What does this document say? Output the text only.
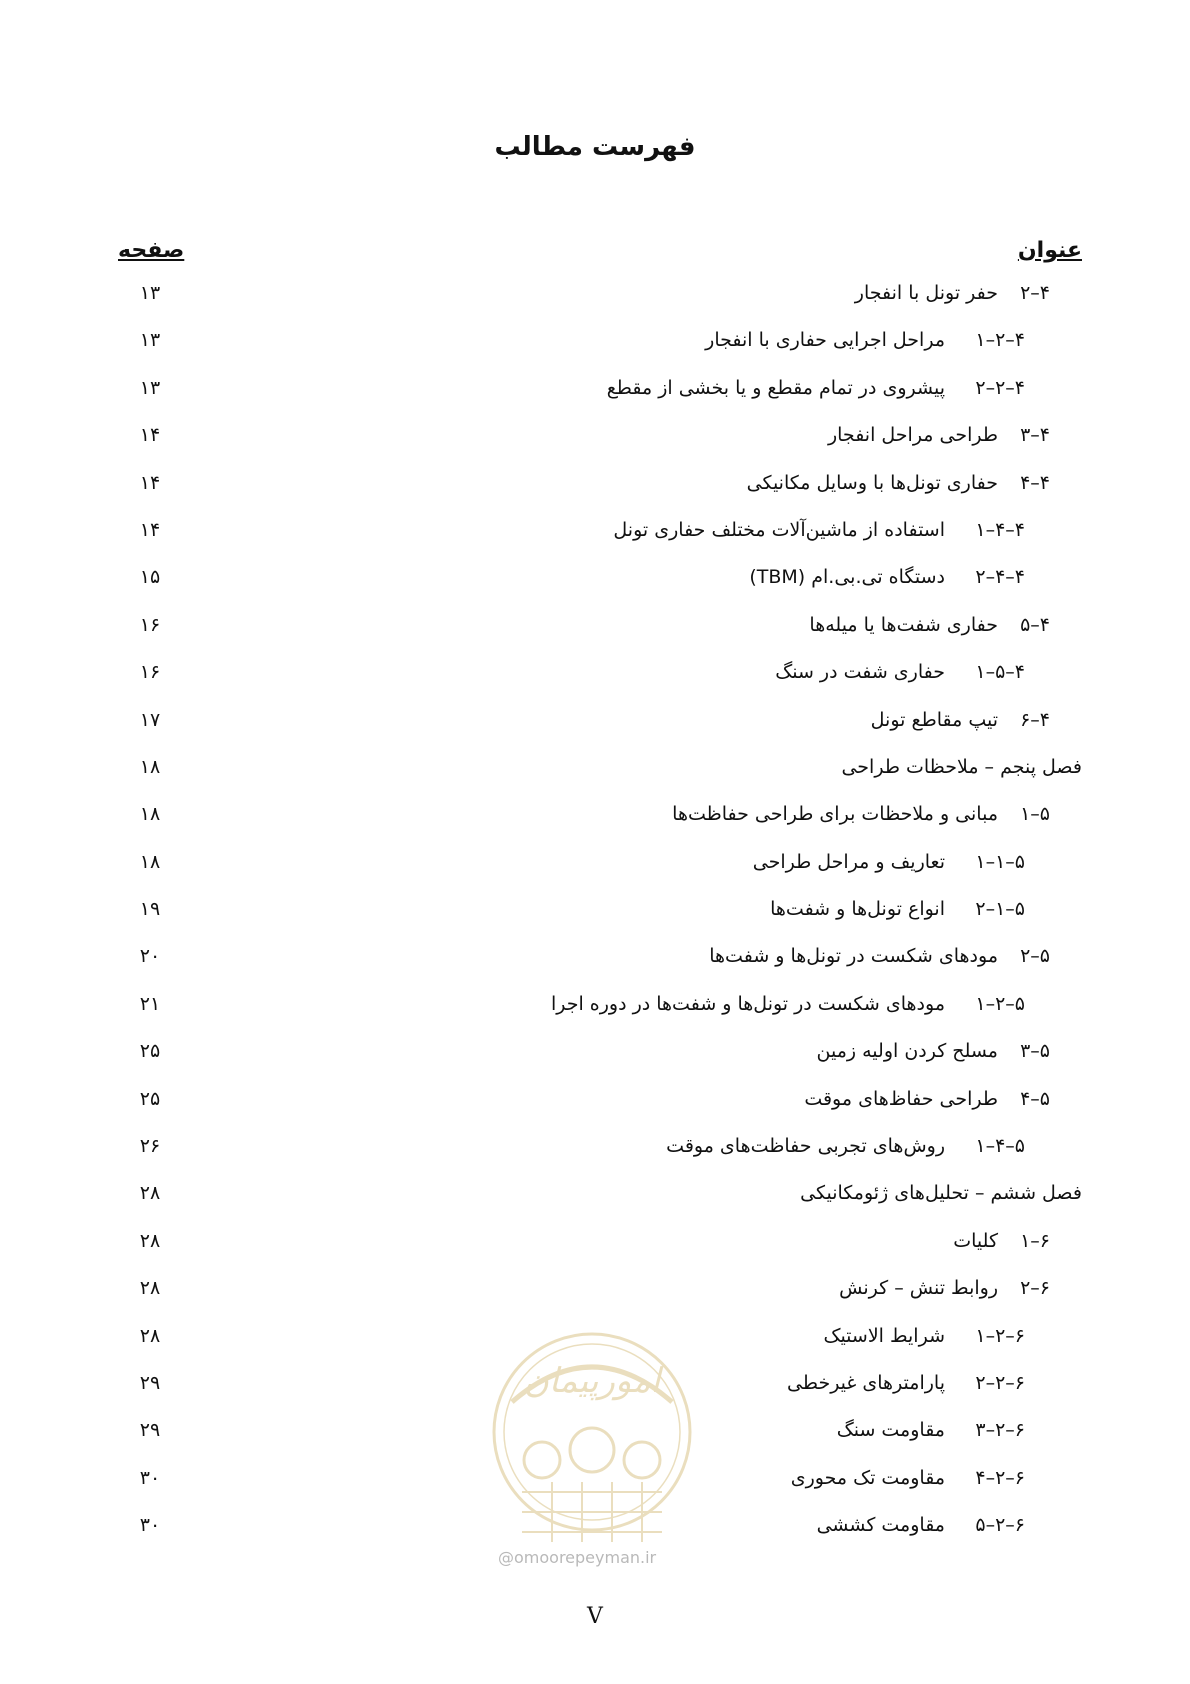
فهرست مطالب
عنوان
صفحه
۴–۲
حفر تونل با انفجار
۱۳
۴–۲–۱
مراحل اجرایی حفاری با انفجار
۱۳
۴–۲–۲
پیشروی در تمام مقطع و یا بخشی از مقطع
۱۳
۴–۳
طراحی مراحل انفجار
۱۴
۴–۴
حفاری تونل‌ها با وسایل مکانیکی
۱۴
۴–۴–۱
استفاده از ماشین‌آلات مختلف حفاری تونل
۱۴
۴–۴–۲
دستگاه تی.بی.ام (TBM)
۱۵
۴–۵
حفاری شفت‌ها یا میله‌ها
۱۶
۴–۵–۱
حفاری شفت در سنگ
۱۶
۴–۶
تیپ مقاطع تونل
۱۷
فصل پنجم – ملاحظات طراحی
۱۸
۵–۱
مبانی و ملاحظات برای طراحی حفاظت‌ها
۱۸
۵–۱–۱
تعاریف و مراحل طراحی
۱۸
۵–۱–۲
انواع تونل‌ها و شفت‌ها
۱۹
۵–۲
مودهای شکست در تونل‌ها و شفت‌ها
۲۰
۵–۲–۱
مودهای شکست در تونل‌ها و شفت‌ها در دوره اجرا
۲۱
۵–۳
مسلح کردن اولیه زمین
۲۵
۵–۴
طراحی حفاظ‌های موقت
۲۵
۵–۴–۱
روش‌های تجربی حفاظت‌های موقت
۲۶
فصل ششم – تحلیل‌های ژئومکانیکی
۲۸
۶–۱
کلیات
۲۸
۶–۲
روابط تنش – کرنش
۲۸
۶–۲–۱
شرایط الاستیک
۲۸
۶–۲–۲
پارامترهای غیرخطی
۲۹
۶–۲–۳
مقاومت سنگ
۲۹
۶–۲–۴
مقاومت تک محوری
۳۰
۶–۲–۵
مقاومت کششی
۳۰
امورپیمان
@omoorepeyman.ir
V
